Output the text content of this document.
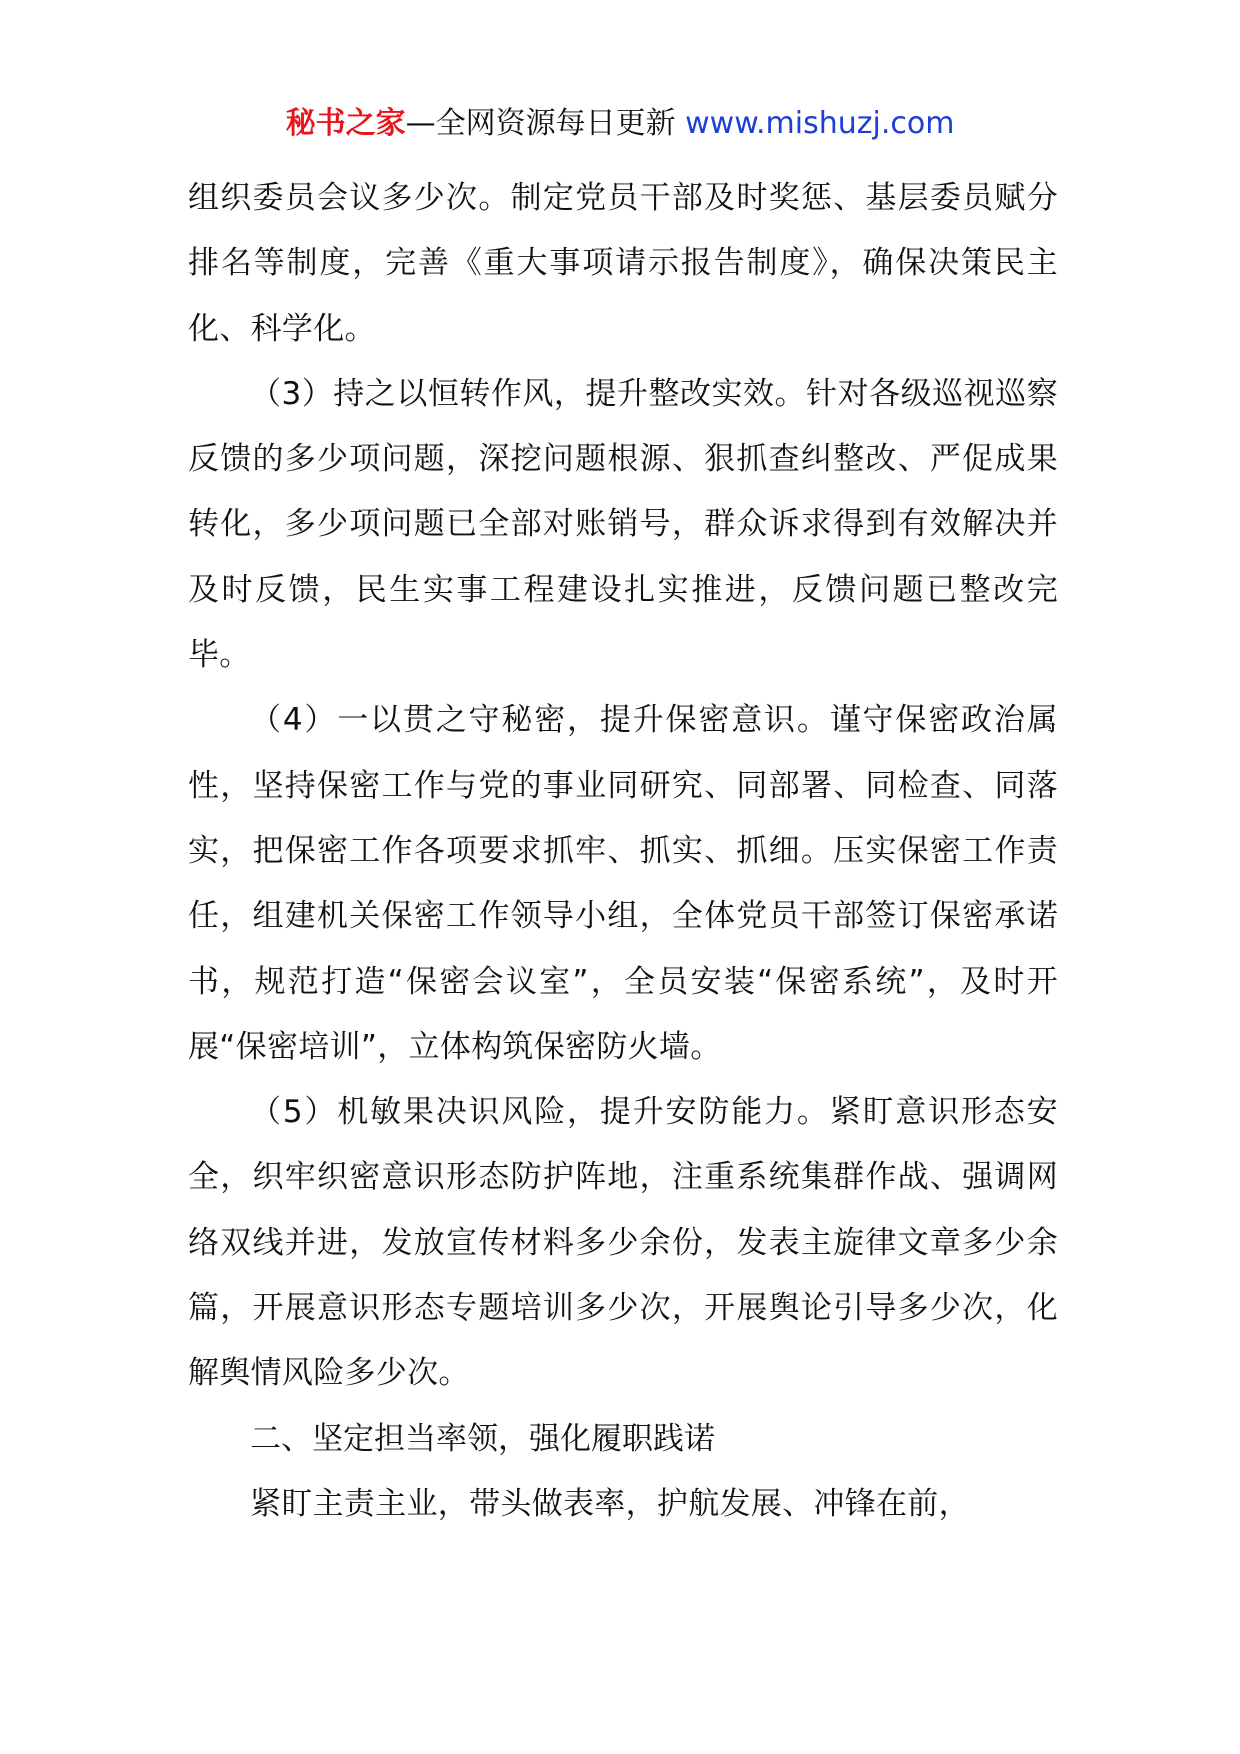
秘书之家—全网资源每日更新 www.mishuzj.com

组织委员会议多少次。制定党员干部及时奖惩、基层委员赋分排名等制度，完善《重大事项请示报告制度》，确保决策民主化、科学化。

（3）持之以恒转作风，提升整改实效。针对各级巡视巡察反馈的多少项问题，深挖问题根源、狠抓查纠整改、严促成果转化，多少项问题已全部对账销号，群众诉求得到有效解决并及时反馈，民生实事工程建设扎实推进，反馈问题已整改完毕。

（4）一以贯之守秘密，提升保密意识。谨守保密政治属性，坚持保密工作与党的事业同研究、同部署、同检查、同落实，把保密工作各项要求抓牢、抓实、抓细。压实保密工作责任，组建机关保密工作领导小组，全体党员干部签订保密承诺书，规范打造“保密会议室”，全员安装“保密系统”，及时开展“保密培训”，立体构筑保密防火墙。

（5）机敏果决识风险，提升安防能力。紧盯意识形态安全，织牢织密意识形态防护阵地，注重系统集群作战、强调网络双线并进，发放宣传材料多少余份，发表主旋律文章多少余篇，开展意识形态专题培训多少次，开展舆论引导多少次，化解舆情风险多少次。

二、坚定担当率领，强化履职践诺

紧盯主责主业，带头做表率，护航发展、冲锋在前，
